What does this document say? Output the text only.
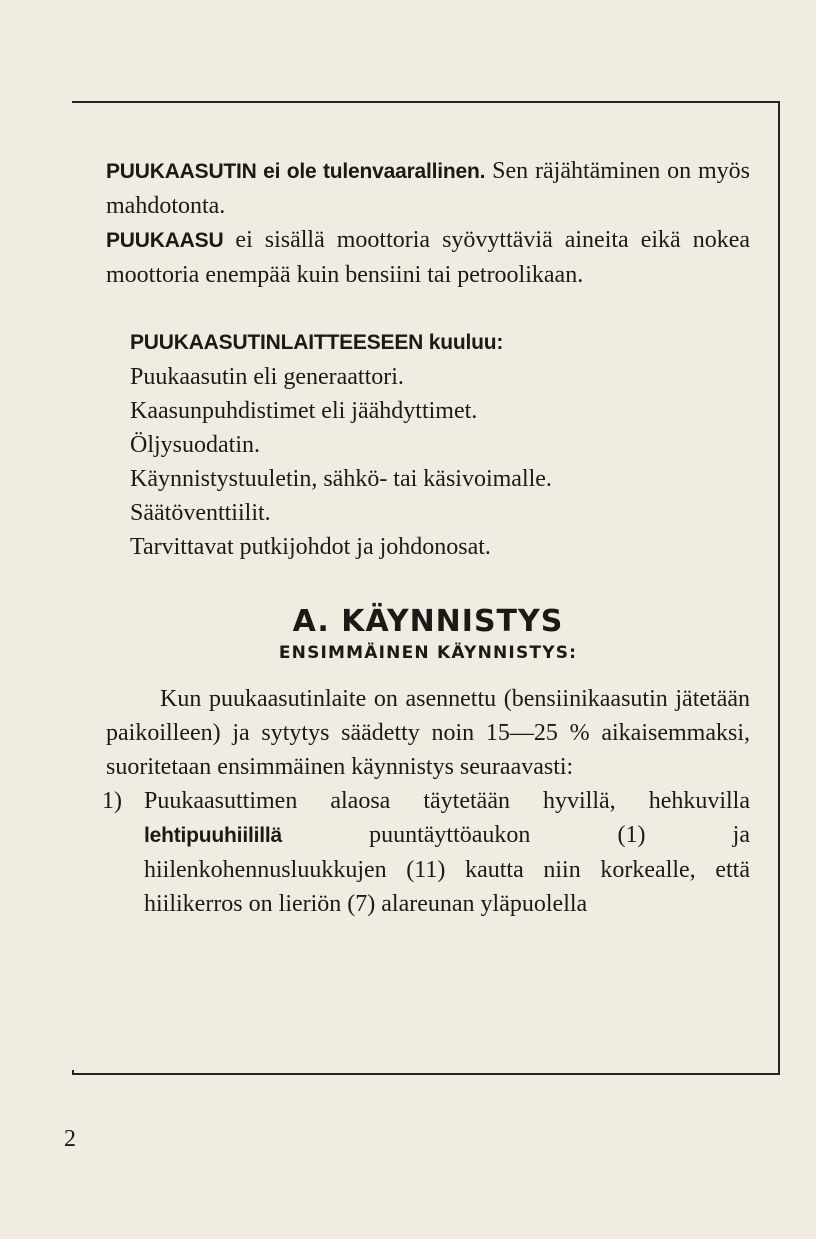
PUUKAASUTIN ei ole tulenvaarallinen. Sen räjähtäminen on myös mahdotonta.

PUUKAASU ei sisällä moottoria syövyttäviä aineita eikä nokea moottoria enempää kuin bensiini tai petroolikaan.

PUUKAASUTINLAITTEESEEN kuuluu:

Puukaasutin eli generaattori.

Kaasunpuhdistimet eli jäähdyttimet.

Öljysuodatin.

Käynnistystuuletin, sähkö- tai käsivoimalle.

Säätöventtiilit.

Tarvittavat putkijohdot ja johdonosat.

A. KÄYNNISTYS

ENSIMMÄINEN KÄYNNISTYS:

Kun puukaasutinlaite on asennettu (bensiinikaasutin jätetään paikoilleen) ja sytytys säädetty noin 15—25 % aikaisemmaksi, suoritetaan ensimmäinen käynnistys seuraavasti:

1) Puukaasuttimen alaosa täytetään hyvillä, hehkuvilla lehtipuuhiilillä puuntäyttöaukon (1) ja hiilenkohennusluukkujen (11) kautta niin korkealle, että hiilikerros on lieriön (7) alareunan yläpuolella

2
